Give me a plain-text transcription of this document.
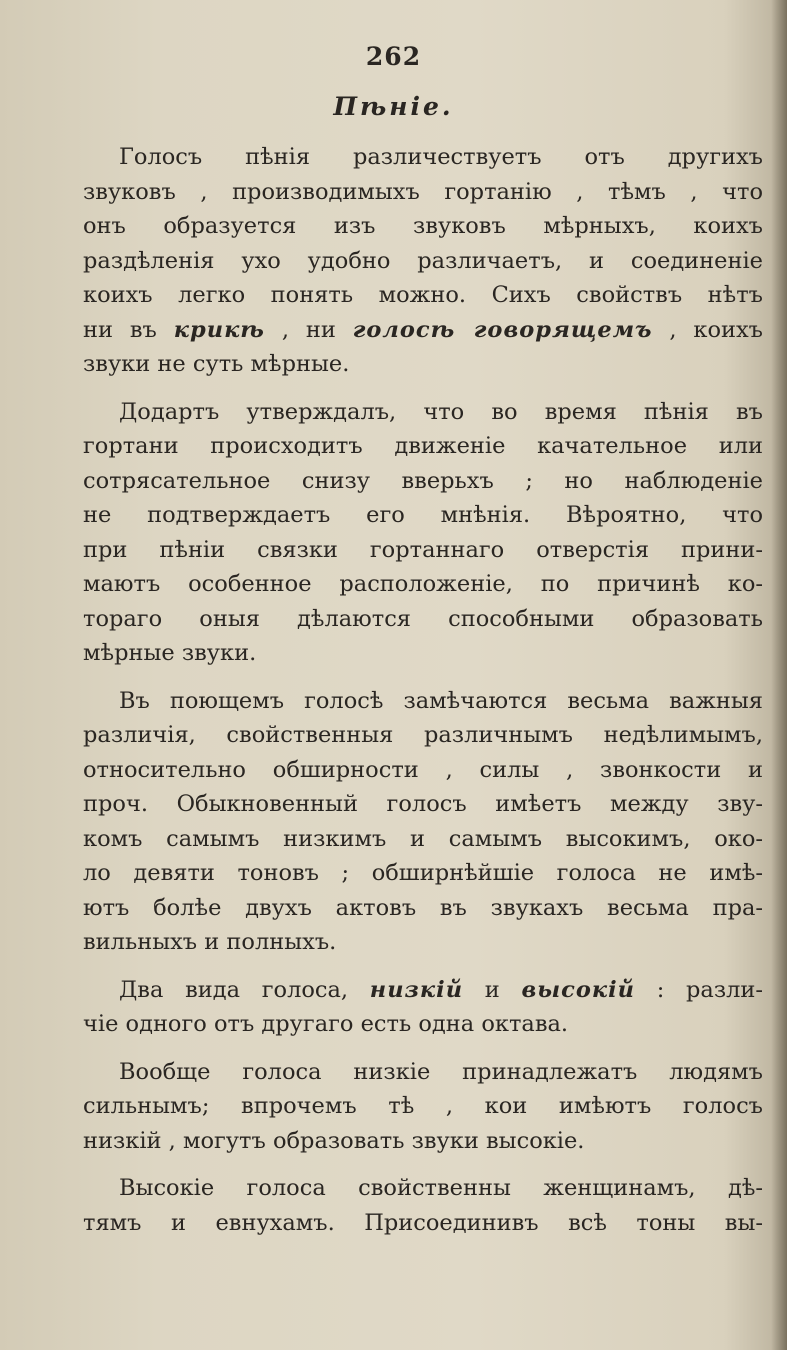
262
Пѣніе.
Голосъ пѣнія различествуетъ отъ другихъ
звуковъ , производимыхъ гортанiю , тѣмъ , что
онъ образуется изъ звуковъ мѣрныхъ, коихъ
раздѣленія ухо удобно различаетъ, и соединенiе
коихъ легко понять можно. Сихъ свойствъ нѣтъ
ни въ крикѣ , ни голосѣ говорящемъ , коихъ
звуки не суть мѣрные.
Додартъ утверждалъ, что во время пѣнія въ
гортани происходитъ движенiе качательное или
сотрясательное снизу вверьхъ ; но наблюденiе
не подтверждаетъ его мнѣнія. Вѣроятно, что
при пѣнiи связки гортаннаго отверстія прини-
маютъ особенное расположенiе, по причинѣ ко-
тораго оныя дѣлаются способными образовать
мѣрные звуки.
Въ поющемъ голосѣ замѣчаются весьма важныя
различія, свойственныя различнымъ недѣлимымъ,
относительно обширности , силы , звонкости и
проч. Обыкновенный голосъ имѣетъ между зву-
комъ самымъ низкимъ и самымъ высокимъ, око-
ло девяти тоновъ ; обширнѣйшiе голоса не имѣ-
ютъ болѣе двухъ актовъ въ звукахъ весьма пра-
вильныхъ и полныхъ.
Два вида голоса, низкiй и высокiй : разли-
чiе одного отъ другаго есть одна октава.
Вообще голоса низкiе принадлежатъ людямъ
сильнымъ; впрочемъ тѣ , кои имѣютъ голосъ
низкiй , могутъ образовать звуки высокiе.
Высокiе голоса свойственны женщинамъ, дѣ-
тямъ и евнухамъ. Присоединивъ всѣ тоны вы-
